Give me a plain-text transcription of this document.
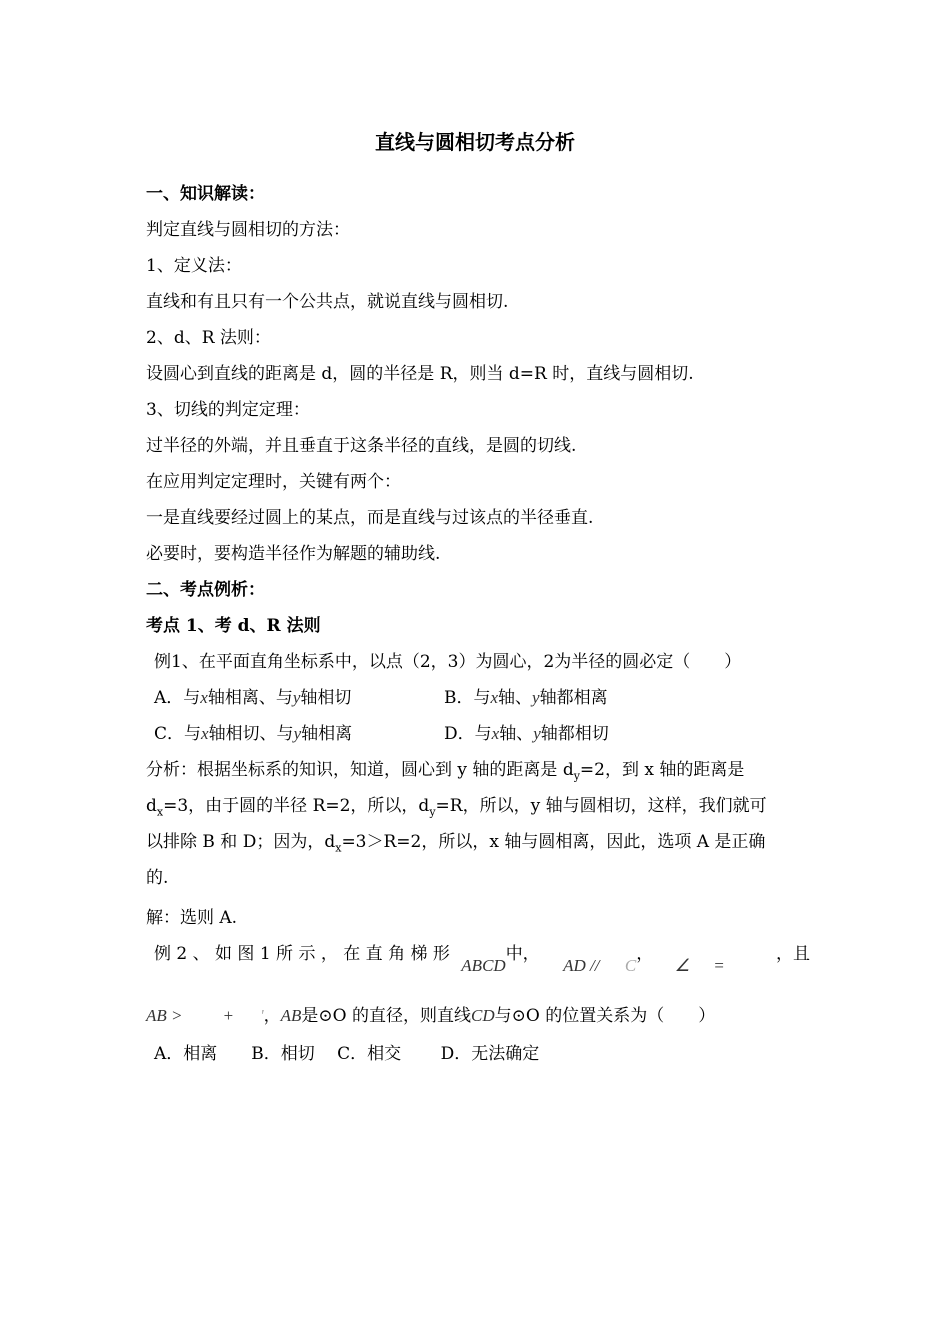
直线与圆相切考点分析
一、知识解读：
判定直线与圆相切的方法：
1、定义法：
直线和有且只有一个公共点，就说直线与圆相切.
2、d、R 法则：
设圆心到直线的距离是 d，圆的半径是 R，则当 d=R 时，直线与圆相切.
3、切线的判定定理：
过半径的外端，并且垂直于这条半径的直线，是圆的切线.
在应用判定定理时，关键有两个：
一是直线要经过圆上的某点，而是直线与过该点的半径垂直.
必要时，要构造半径作为解题的辅助线.
二、考点例析：
考点 1、考 d、R 法则
例1、在平面直角坐标系中，以点（2，3）为圆心，2为半径的圆必定（　　）
A．与x轴相离、与y轴相切	B．与x轴、y轴都相离
C．与x轴相切、与y轴相离	D．与x轴、y轴都相切
分析：根据坐标系的知识，知道，圆心到 y 轴的距离是 $d_y=2$，到 x 轴的距离是
$d_x=3$，由于圆的半径 R=2，所以，$d_y=R$，所以，y 轴与圆相切，这样，我们就可
以排除 B 和 D；因为，$d_x=3>R=2$，所以，x 轴与圆相离，因此，选项 A 是正确
的.
解：选则 A.
例 2 、 如 图 1 所 示 ， 在 直 角 梯 形 ABCD中， AD // C， ∠ =
，且
AB > + '，AB是⊙O 的直径，则直线CD与⊙O 的位置关系为（　　）
A．相离　　B．相切　 C．相交　　 D．无法确定
